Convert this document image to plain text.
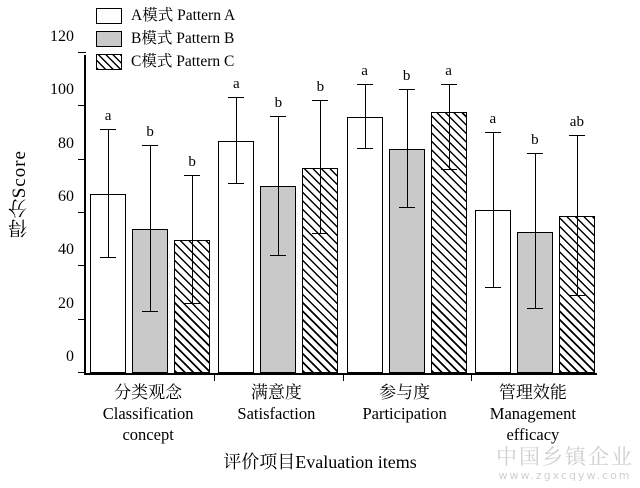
A模式 Pattern A
B模式 Pattern B
C模式 Pattern C
得分Score
0
20
40
60
80
100
120
a
b
b
a
b
b
a	b	a
a
b
ab
分类观念
Classification
concept
满意度
Satisfaction
参与度
Participation
管理效能
Management
efficacy
评价项目Evaluation items	中国乡镇企业
www.zgxcqyw.com
